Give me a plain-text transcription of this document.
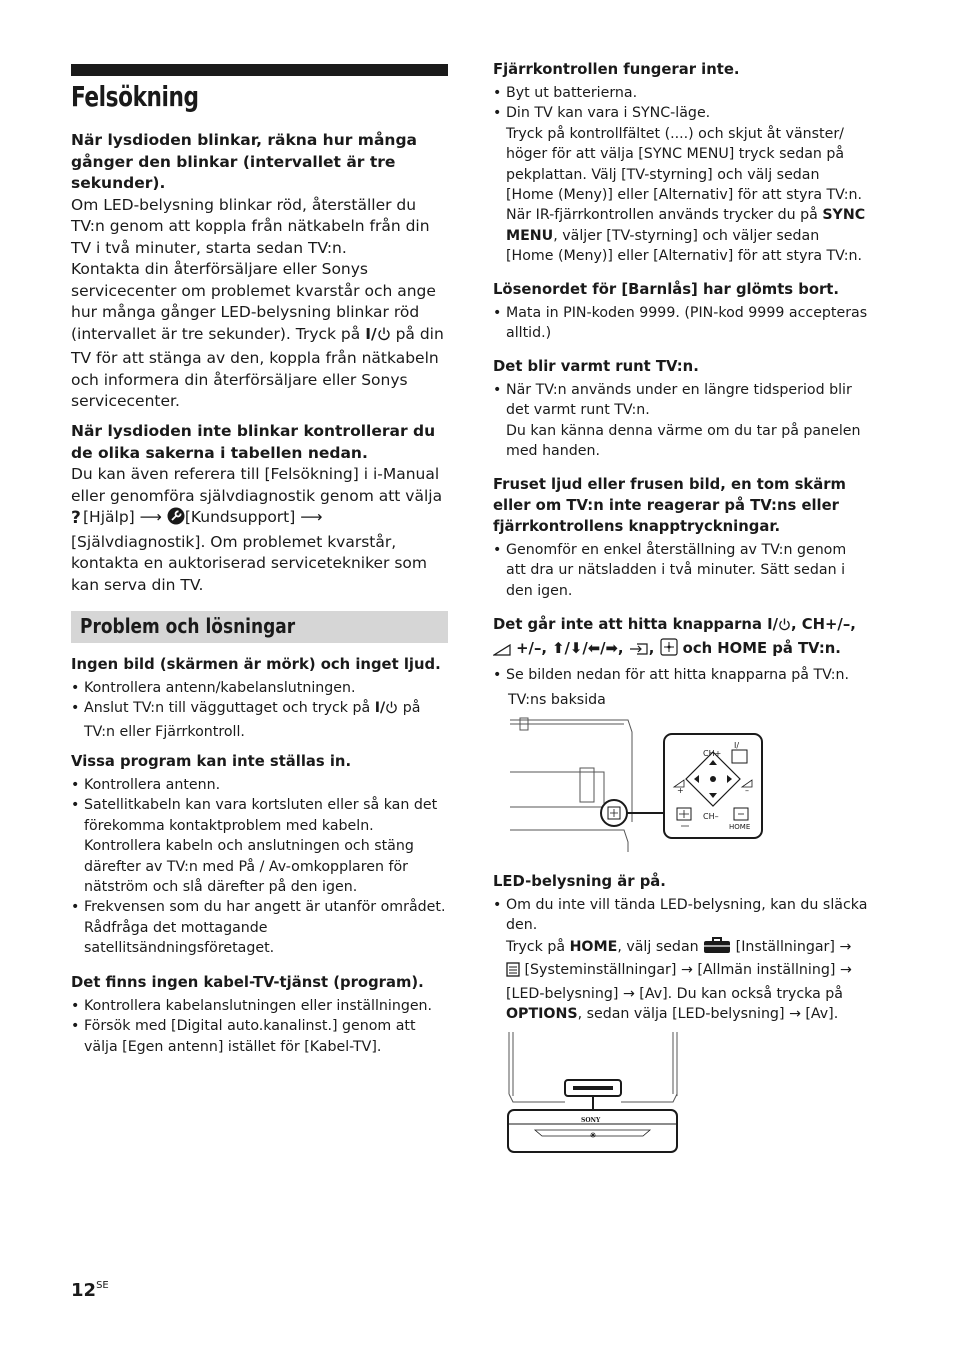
Felsökning

När lysdioden blinkar, räkna hur många gånger den blinkar (intervallet är tre sekunder).

Om LED-belysning blinkar röd, återställer du TV:n genom att koppla från nätkabeln från din TV i två minuter, starta sedan TV:n.

Kontakta din återförsäljare eller Sonys servicecenter om problemet kvarstår och ange hur många gånger LED-belysning blinkar röd (intervallet är tre sekunder). Tryck på I/ på din TV för att stänga av den, koppla från nätkabeln och informera din återförsäljare eller Sonys servicecenter.

När lysdioden inte blinkar kontrollerar du de olika sakerna i tabellen nedan.

Du kan även referera till [Felsökning] i i-Manual eller genomföra självdiagnostik genom att välja

? [Hjälp] ⟶ [Kundsupport] ⟶ [Självdiagnostik]. Om problemet kvarstår, kontakta en auktoriserad servicetekniker som kan serva din TV.

Problem och lösningar

Ingen bild (skärmen är mörk) och inget ljud.

• Kontrollera antenn/kabelanslutningen.
• Anslut TV:n till vägguttaget och tryck på I/ på TV:n eller Fjärrkontroll.

Vissa program kan inte ställas in.

• Kontrollera antenn.
• Satellitkabeln kan vara kortsluten eller så kan det förekomma kontaktproblem med kabeln. Kontrollera kabeln och anslutningen och stäng därefter av TV:n med På / Av-omkopplaren för nätström och slå därefter på den igen.
• Frekvensen som du har angett är utanför området. Rådfråga det mottagande satellitsändningsföretaget.

Det finns ingen kabel-TV-tjänst (program).

• Kontrollera kabelanslutningen eller inställningen.
• Försök med [Digital auto.kanalinst.] genom att välja [Egen antenn] istället för [Kabel-TV].

Fjärrkontrollen fungerar inte.

• Byt ut batterierna.
• Din TV kan vara i SYNC-läge.
Tryck på kontrollfältet (....) och skjut åt vänster/ höger för att välja [SYNC MENU] tryck sedan på pekplattan. Välj [TV-styrning] och välj sedan [Home (Meny)] eller [Alternativ] för att styra TV:n. När IR-fjärrkontrollen används trycker du på SYNC MENU, väljer [TV-styrning] och väljer sedan [Home (Meny)] eller [Alternativ] för att styra TV:n.

Lösenordet för [Barnlås] har glömts bort.

• Mata in PIN-koden 9999. (PIN-kod 9999 accepteras alltid.)

Det blir varmt runt TV:n.

• När TV:n används under en längre tidsperiod blir det varmt runt TV:n.
Du kan känna denna värme om du tar på panelen med handen.

Fruset ljud eller frusen bild, en tom skärm eller om TV:n inte reagerar på TV:ns eller fjärrkontrollens knapptryckningar.

• Genomför en enkel återställning av TV:n genom att dra ur nätsladden i två minuter. Sätt sedan i den igen.

Det går inte att hitta knapparna I/ , CH+/–,
+/–, ⬆/⬇/⬅/➡, , och HOME på TV:n.

• Se bilden nedan för att hitta knapparna på TV:n.
TV:ns baksida
+	–
CH+
I/
CH–
HOME

LED-belysning är på.

• Om du inte vill tända LED-belysning, kan du släcka den.
Tryck på HOME, välj sedan	[Inställningar] →
[Systeminställningar] → [Allmän inställning] → [LED-belysning] → [Av]. Du kan också trycka på OPTIONS, sedan välja [LED-belysning] → [Av].
SONY
$12^{SE}$
